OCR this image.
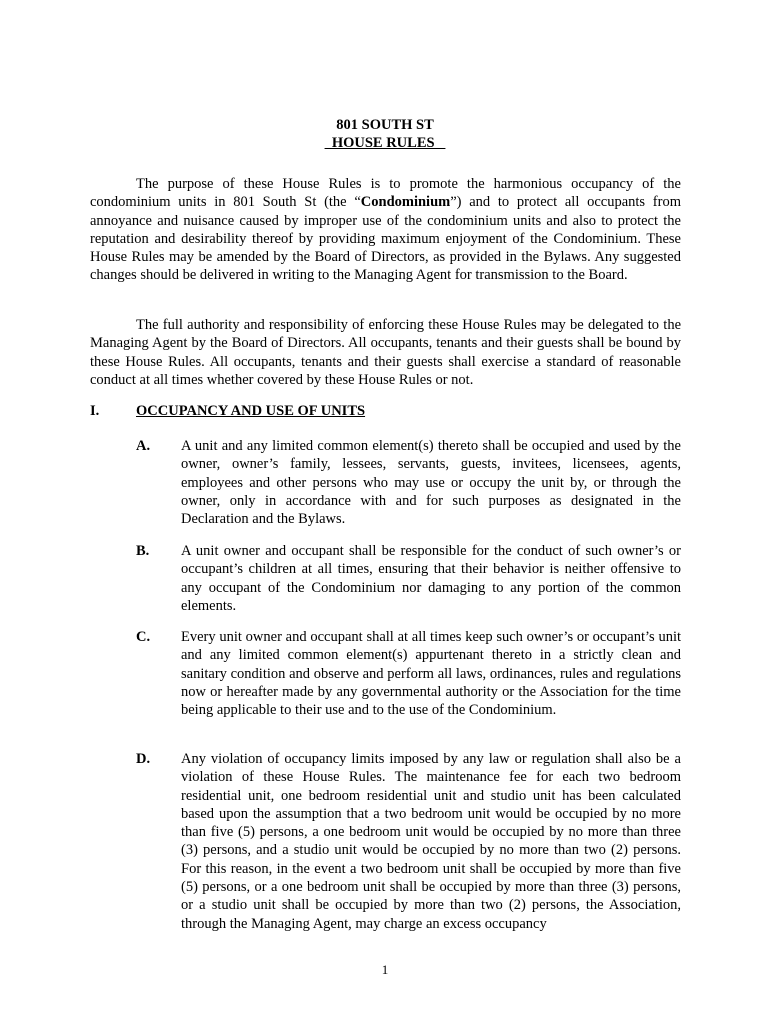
801 SOUTH ST
HOUSE RULES

The purpose of these House Rules is to promote the harmonious occupancy of the condominium units in 801 South St (the “Condominium”) and to protect all occupants from annoyance and nuisance caused by improper use of the condominium units and also to protect the reputation and desirability thereof by providing maximum enjoyment of the Condominium. These House Rules may be amended by the Board of Directors, as provided in the Bylaws. Any suggested changes should be delivered in writing to the Managing Agent for transmission to the Board.

The full authority and responsibility of enforcing these House Rules may be delegated to the Managing Agent by the Board of Directors. All occupants, tenants and their guests shall be bound by these House Rules. All occupants, tenants and their guests shall exercise a standard of reasonable conduct at all times whether covered by these House Rules or not.

I.	OCCUPANCY AND USE OF UNITS
A. A unit and any limited common element(s) thereto shall be occupied and used by the owner, owner’s family, lessees, servants, guests, invitees, licensees, agents, employees and other persons who may use or occupy the unit by, or through the owner, only in accordance with and for such purposes as designated in the Declaration and the Bylaws.

B. A unit owner and occupant shall be responsible for the conduct of such owner’s or occupant’s children at all times, ensuring that their behavior is neither offensive to any occupant of the Condominium nor damaging to any portion of the common elements.

C. Every unit owner and occupant shall at all times keep such owner’s or occupant’s unit and any limited common element(s) appurtenant thereto in a strictly clean and sanitary condition and observe and perform all laws, ordinances, rules and regulations now or hereafter made by any governmental authority or the Association for the time being applicable to their use and to the use of the Condominium.

D. Any violation of occupancy limits imposed by any law or regulation shall also be a violation of these House Rules. The maintenance fee for each two bedroom residential unit, one bedroom residential unit and studio unit has been calculated based upon the assumption that a two bedroom unit would be occupied by no more than five (5) persons, a one bedroom unit would be occupied by no more than three (3) persons, and a studio unit would be occupied by no more than two (2) persons. For this reason, in the event a two bedroom unit shall be occupied by more than five (5) persons, or a one bedroom unit shall be occupied by more than three (3) persons, or a studio unit shall be occupied by more than two (2) persons, the Association, through the Managing Agent, may charge an excess occupancy

1
